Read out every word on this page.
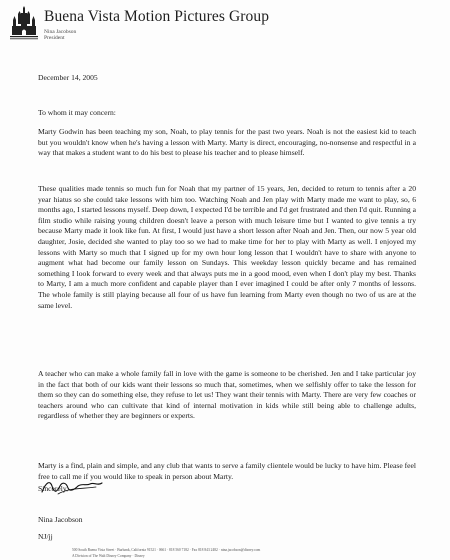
Buena Vista Motion Pictures Group
Nina Jacobson
President
December 14, 2005
To whom it may concern:

Marty Godwin has been teaching my son, Noah, to play tennis for the past two years. Noah is not the easiest kid to teach but you wouldn't know when he's having a lesson with Marty. Marty is direct, encouraging, no-nonsense and respectful in a way that makes a student want to do his best to please his teacher and to please himself.

These qualities made tennis so much fun for Noah that my partner of 15 years, Jen, decided to return to tennis after a 20 year hiatus so she could take lessons with him too. Watching Noah and Jen play with Marty made me want to play, so, 6 months ago, I started lessons myself. Deep down, I expected I'd be terrible and I'd get frustrated and then I'd quit. Running a film studio while raising young children doesn't leave a person with much leisure time but I wanted to give tennis a try because Marty made it look like fun. At first, I would just have a short lesson after Noah and Jen. Then, our now 5 year old daughter, Josie, decided she wanted to play too so we had to make time for her to play with Marty as well. I enjoyed my lessons with Marty so much that I signed up for my own hour long lesson that I wouldn't have to share with anyone to augment what had become our family lesson on Sundays. This weekday lesson quickly became and has remained something I look forward to every week and that always puts me in a good mood, even when I don't play my best. Thanks to Marty, I am a much more confident and capable player than I ever imagined I could be after only 7 months of lessons. The whole family is still playing because all four of us have fun learning from Marty even though no two of us are at the same level.

A teacher who can make a whole family fall in love with the game is someone to be cherished. Jen and I take particular joy in the fact that both of our kids want their lessons so much that, sometimes, when we selfishly offer to take the lesson for them so they can do something else, they refuse to let us! They want their tennis with Marty. There are very few coaches or teachers around who can cultivate that kind of internal motivation in kids while still being able to challenge adults, regardless of whether they are beginners or experts.

Marty is a find, plain and simple, and any club that wants to serve a family clientele would be lucky to have him. Please feel free to call me if you would like to speak in person about Marty.

Sincerely,
Nina Jacobson
NJ/jj
500 South Buena Vista Street · Burbank, California 91521 · 0661 · 818 560 7182 · Fax 818 843 2482 · nina.jacobson@disney.com
A Division of The Walt Disney Company · Disney
